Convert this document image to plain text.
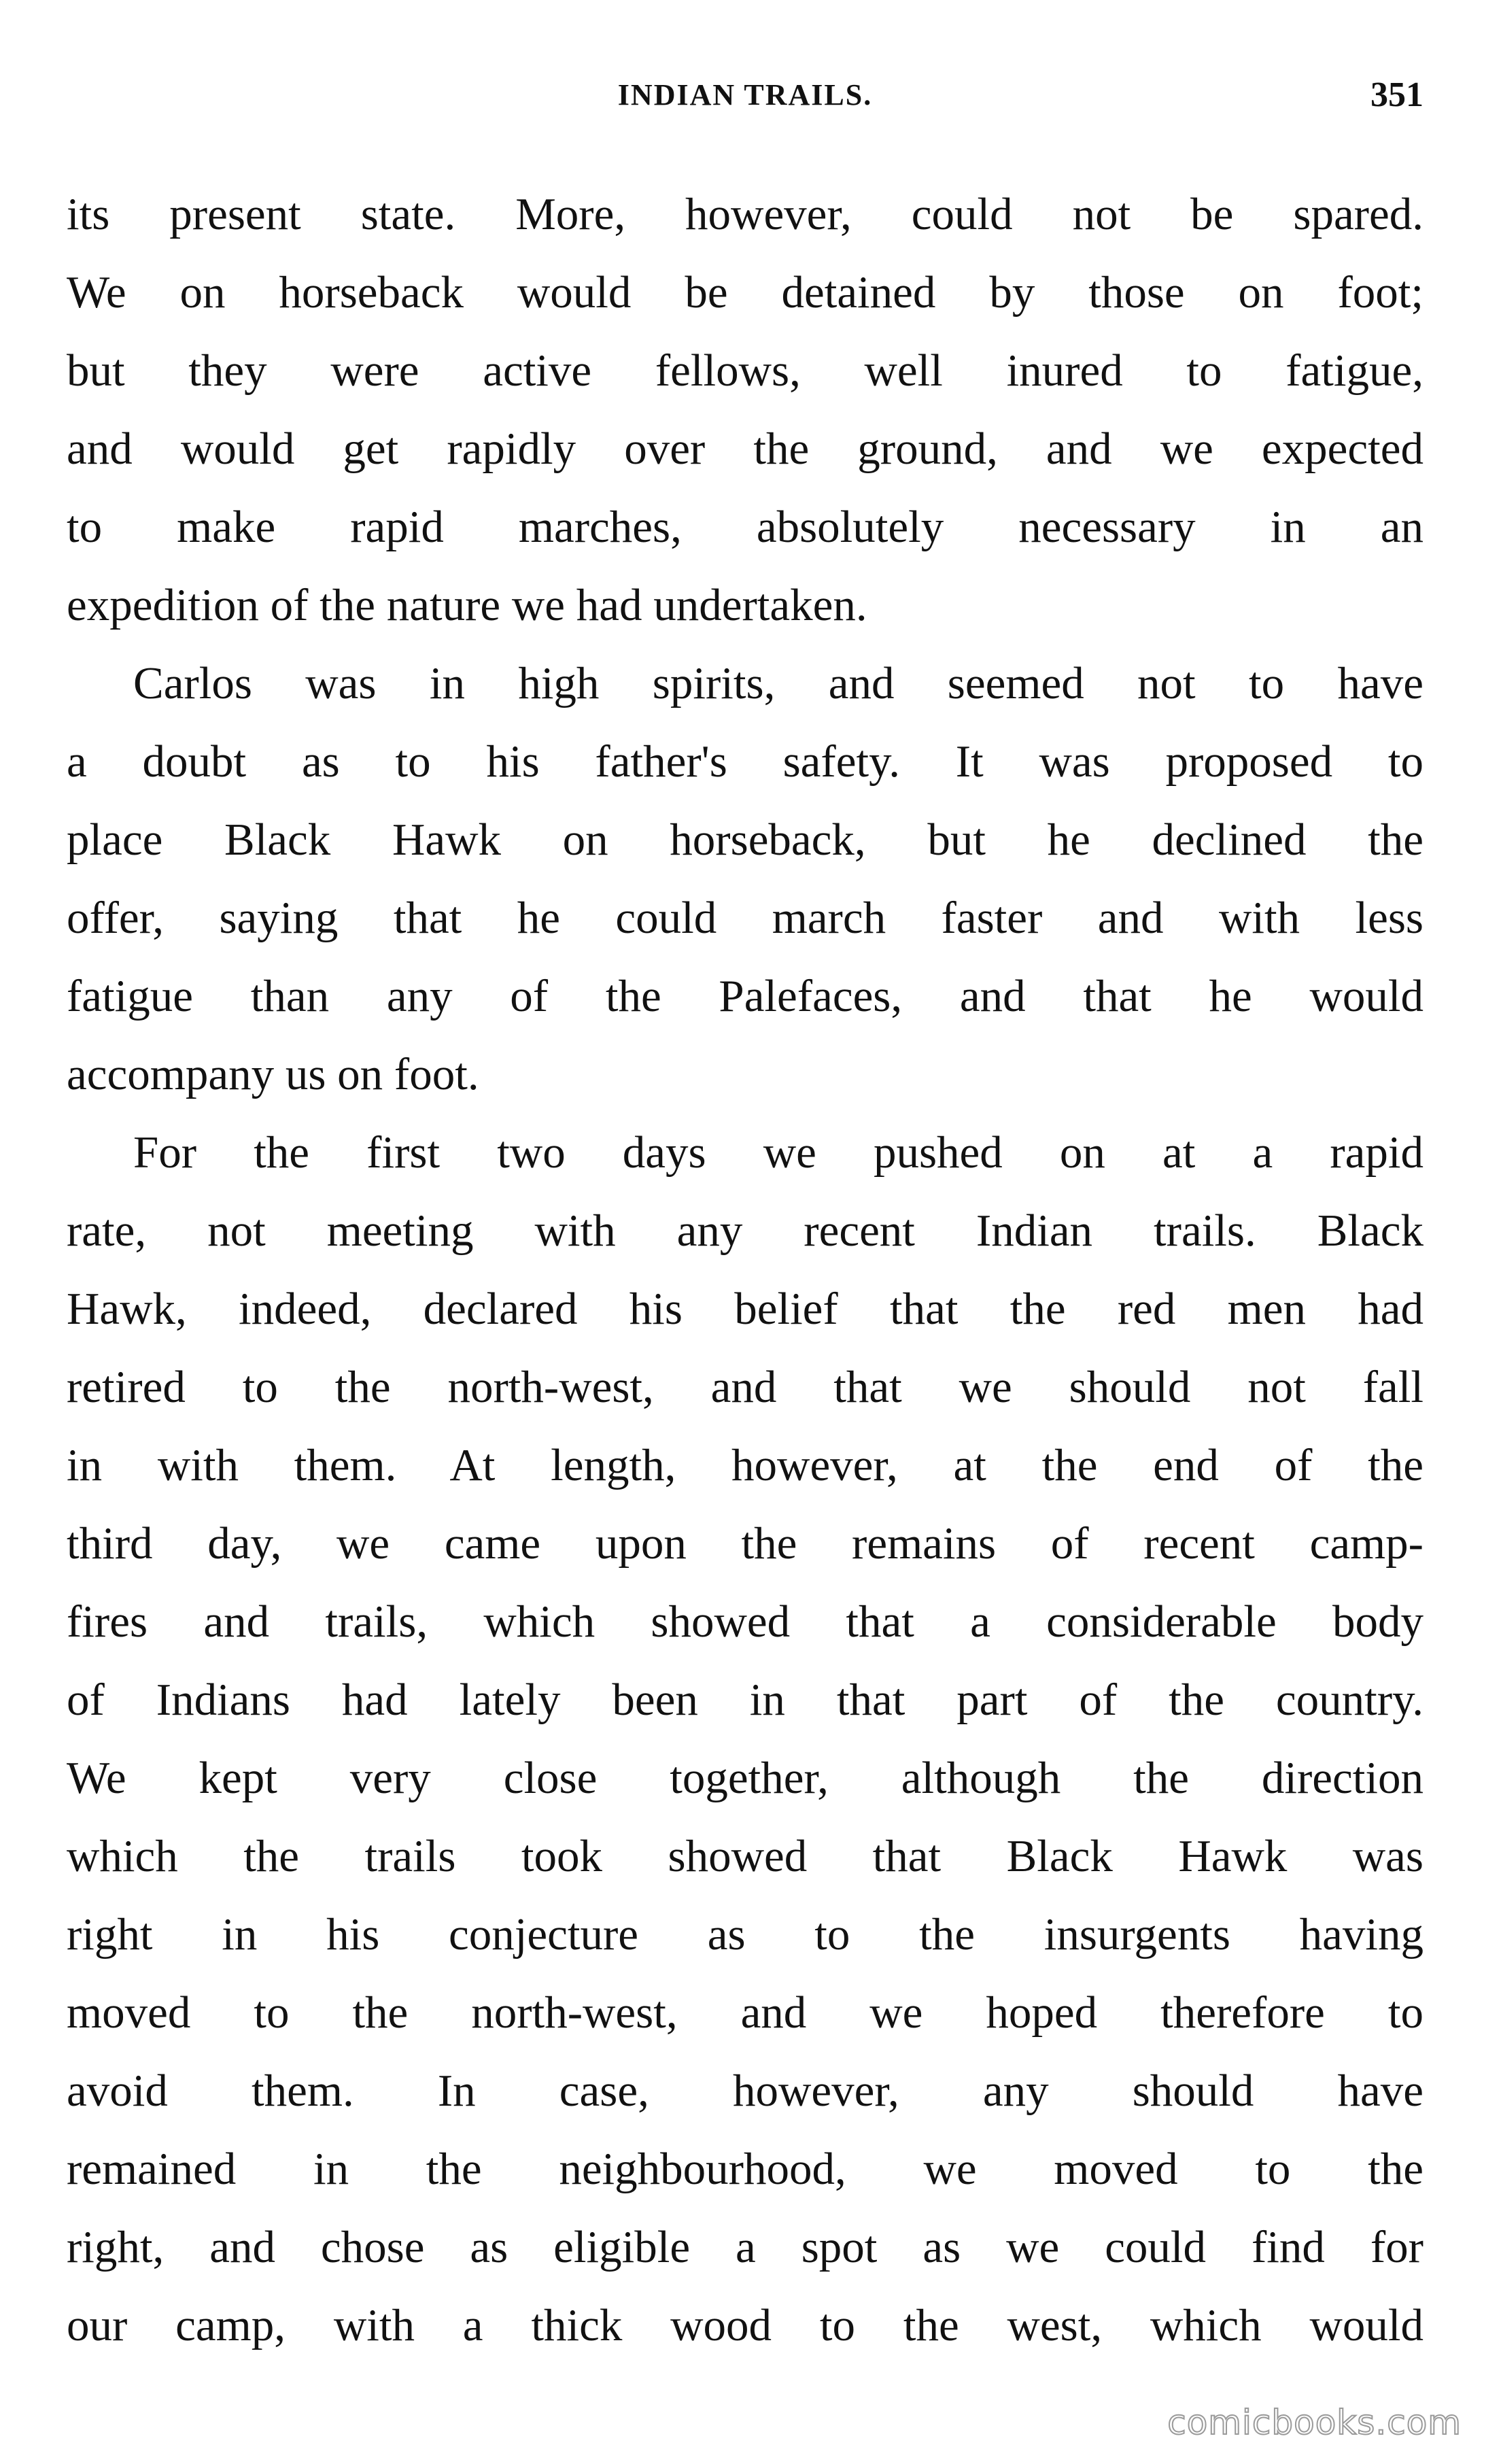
INDIAN TRAILS.	351
its present state. More, however, could not be spared.
We on horseback would be detained by those on foot;
but they were active fellows, well inured to fatigue,
and would get rapidly over the ground, and we expected
to make rapid marches, absolutely necessary in an
expedition of the nature we had undertaken.
Carlos was in high spirits, and seemed not to have
a doubt as to his father's safety. It was proposed to
place Black Hawk on horseback, but he declined the
offer, saying that he could march faster and with less
fatigue than any of the Palefaces, and that he would
accompany us on foot.
For the first two days we pushed on at a rapid
rate, not meeting with any recent Indian trails. Black
Hawk, indeed, declared his belief that the red men had
retired to the north-west, and that we should not fall
in with them. At length, however, at the end of the
third day, we came upon the remains of recent camp-
fires and trails, which showed that a considerable body
of Indians had lately been in that part of the country.
We kept very close together, although the direction
which the trails took showed that Black Hawk was
right in his conjecture as to the insurgents having
moved to the north-west, and we hoped therefore to
avoid them. In case, however, any should have
remained in the neighbourhood, we moved to the
right, and chose as eligible a spot as we could find for
our camp, with a thick wood to the west, which would
comicbooks.com
